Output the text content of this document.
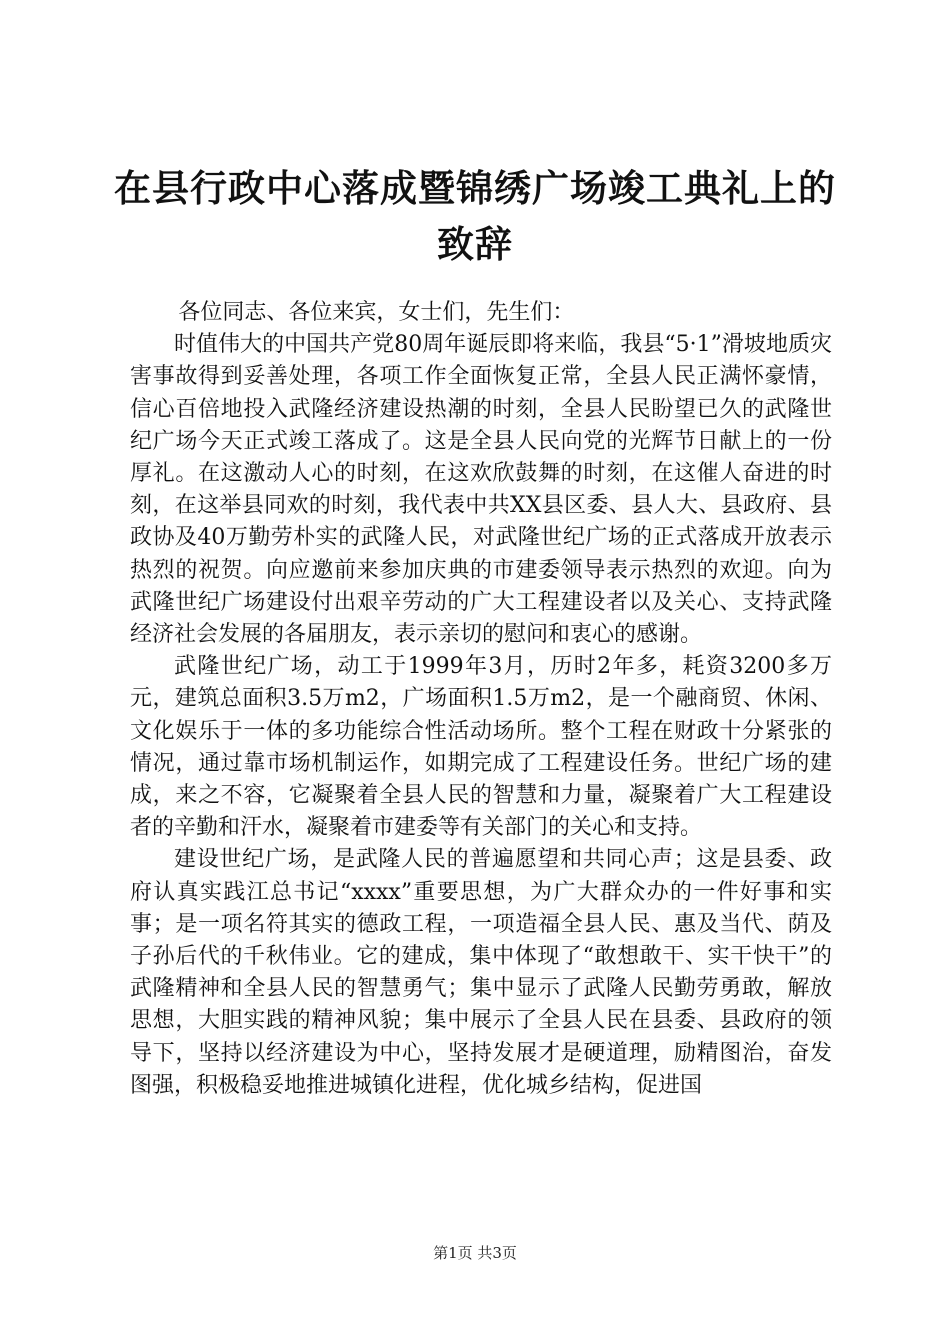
在县行政中心落成暨锦绣广场竣工典礼上的致辞

各位同志、各位来宾，女士们，先生们：

时值伟大的中国共产党80周年诞辰即将来临，我县“5·1”滑坡地质灾害事故得到妥善处理，各项工作全面恢复正常，全县人民正满怀豪情，信心百倍地投入武隆经济建设热潮的时刻，全县人民盼望已久的武隆世纪广场今天正式竣工落成了。这是全县人民向党的光辉节日献上的一份厚礼。在这激动人心的时刻，在这欢欣鼓舞的时刻，在这催人奋进的时刻，在这举县同欢的时刻，我代表中共XX县区委、县人大、县政府、县政协及40万勤劳朴实的武隆人民，对武隆世纪广场的正式落成开放表示热烈的祝贺。向应邀前来参加庆典的市建委领导表示热烈的欢迎。向为武隆世纪广场建设付出艰辛劳动的广大工程建设者以及关心、支持武隆经济社会发展的各届朋友，表示亲切的慰问和衷心的感谢。

武隆世纪广场，动工于1999年3月，历时2年多，耗资3200多万元，建筑总面积3.5万m2，广场面积1.5万m2，是一个融商贸、休闲、文化娱乐于一体的多功能综合性活动场所。整个工程在财政十分紧张的情况，通过靠市场机制运作，如期完成了工程建设任务。世纪广场的建成，来之不容，它凝聚着全县人民的智慧和力量，凝聚着广大工程建设者的辛勤和汗水，凝聚着市建委等有关部门的关心和支持。

建设世纪广场，是武隆人民的普遍愿望和共同心声；这是县委、政府认真实践江总书记“xxxx”重要思想，为广大群众办的一件好事和实事；是一项名符其实的德政工程，一项造福全县人民、惠及当代、荫及子孙后代的千秋伟业。它的建成，集中体现了“敢想敢干、实干快干”的武隆精神和全县人民的智慧勇气；集中显示了武隆人民勤劳勇敢，解放思想，大胆实践的精神风貌；集中展示了全县人民在县委、县政府的领导下，坚持以经济建设为中心，坚持发展才是硬道理，励精图治，奋发图强，积极稳妥地推进城镇化进程，优化城乡结构，促进国

第1页 共3页
